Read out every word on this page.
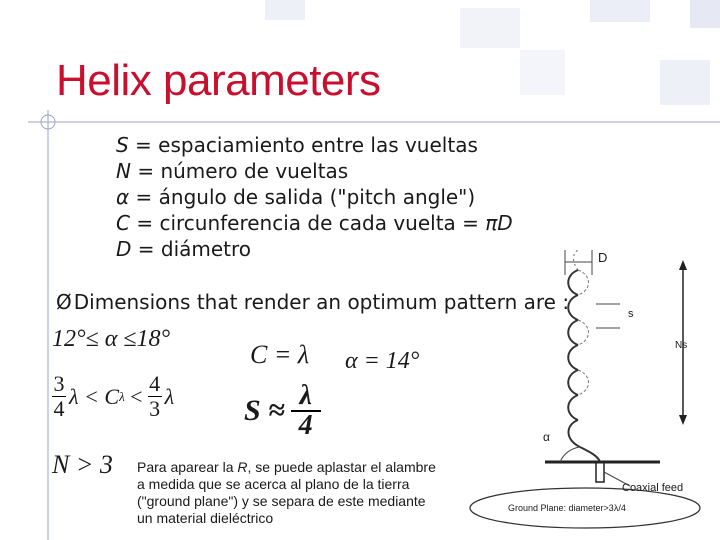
Helix parameters
S = espaciamiento entre las vueltas
N = número de vueltas
α = ángulo de salida ("pitch angle")
C = circunferencia de cada vuelta = πD
D = diámetro
Ø Dimensions that render an optimum pattern are :
12°≤ α ≤18°
C = λ α = 14°
S ≈ λ
4
3
4 λ < C λ < 4
3 λ
N > 3 Para aparear la R, se puede aplastar el alambre
a medida que se acerca al plano de la tierra
("ground plane") y se separa de este mediante
un material dieléctrico
D
s
Ns
α
Coaxial feed
Ground Plane: diameter>3λ/4
